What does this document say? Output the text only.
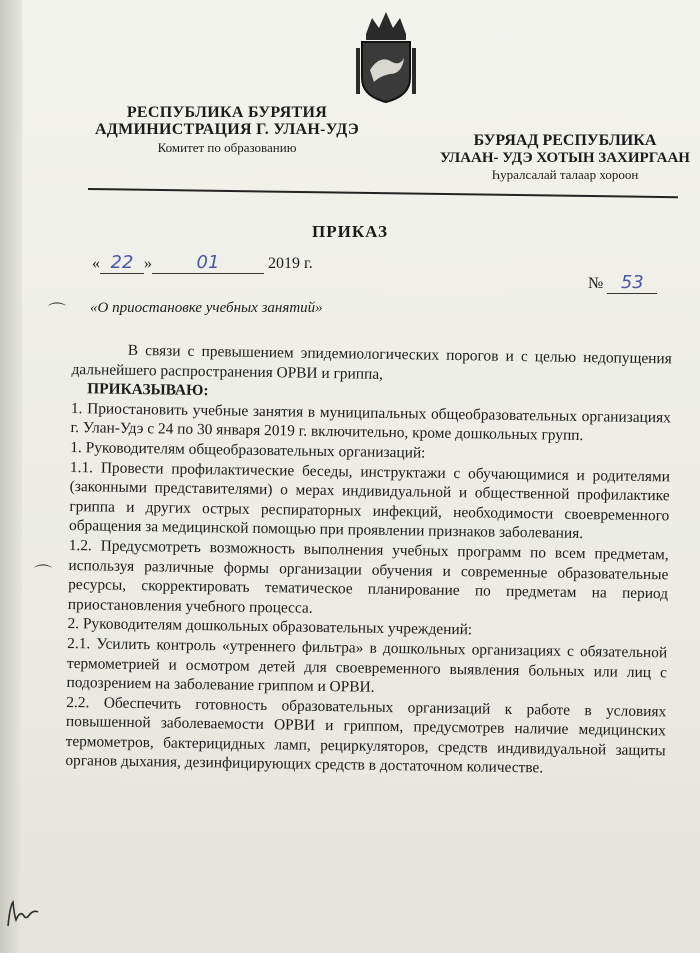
РЕСПУБЛИКА БУРЯТИЯ
АДМИНИСТРАЦИЯ Г. УЛАН-УДЭ
Комитет по образованию	БУРЯАД РЕСПУБЛИКА
УЛААН- УДЭ ХОТЫН ЗАХИРГААН
Һуралсалай талаар хороон
ПРИКАЗ
« 22 » 01	2019 г.
№ 53
⌒ «О приостановке учебных занятий»

В связи с превышением эпидемиологических порогов и с целью недопущения дальнейшего распространения ОРВИ и гриппа,

ПРИКАЗЫВАЮ:

1. Приостановить учебные занятия в муниципальных общеобразовательных организациях г. Улан-Удэ с 24 по 30 января 2019 г. включительно, кроме дошкольных групп.

1. Руководителям общеобразовательных организаций:

1.1. Провести профилактические беседы, инструктажи с обучающимися и родителями (законными представителями) о мерах индивидуальной и общественной профилактике гриппа и других острых респираторных инфекций, необходимости своевременного обращения за медицинской помощью при проявлении признаков заболевания.

1.2. Предусмотреть возможность выполнения учебных программ по всем предметам, используя различные формы организации обучения и современные образовательные ресурсы, скорректировать тематическое планирование по предметам на период приостановления учебного процесса.

2. Руководителям дошкольных образовательных учреждений:

2.1. Усилить контроль «утреннего фильтра» в дошкольных организациях с обязательной термометрией и осмотром детей для своевременного выявления больных или лиц с подозрением на заболевание гриппом и ОРВИ.

2.2. Обеспечить готовность образовательных организаций к работе в условиях повышенной заболеваемости ОРВИ и гриппом, предусмотрев наличие медицинских термометров, бактерицидных ламп, рециркуляторов, средств индивидуальной защиты органов дыхания, дезинфицирующих средств в достаточном количестве.

⌒
